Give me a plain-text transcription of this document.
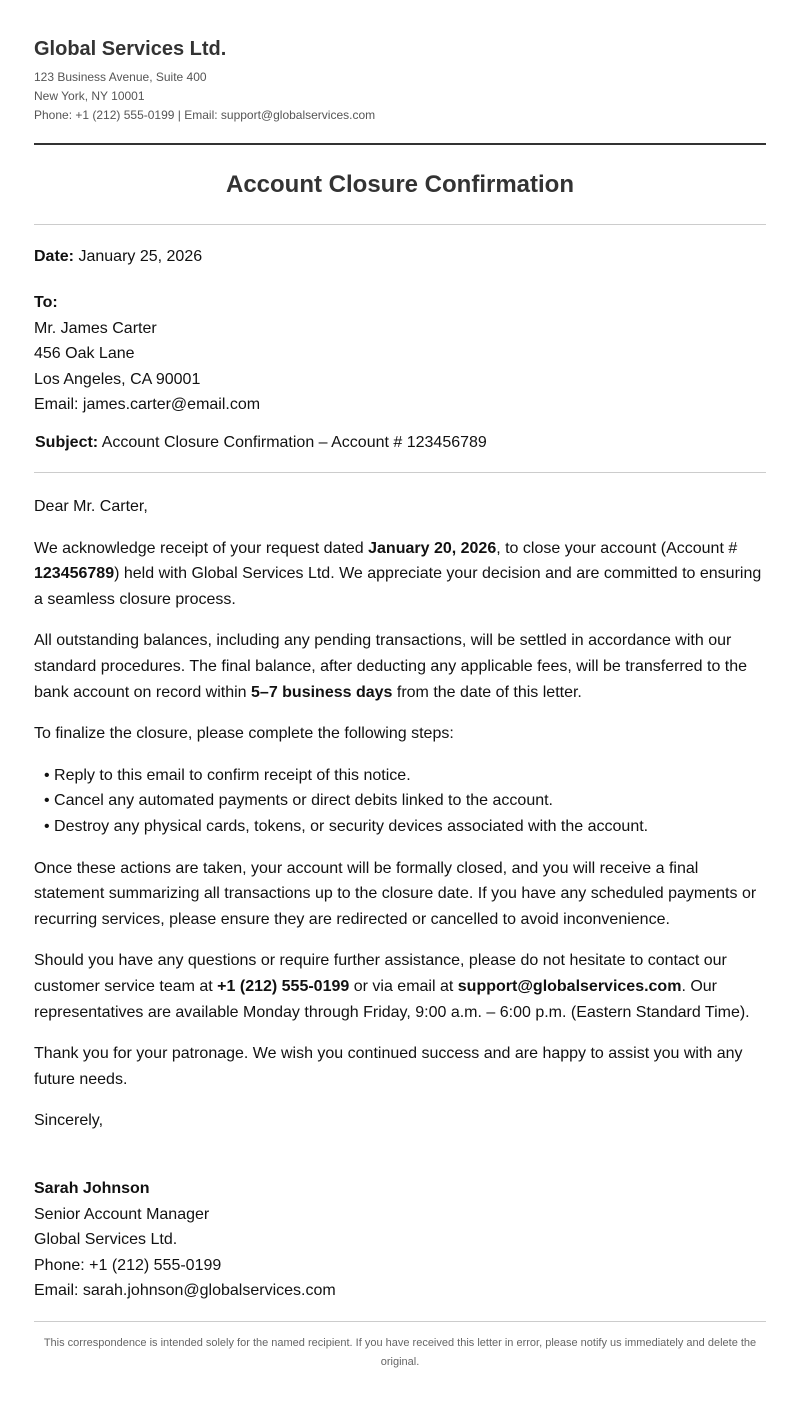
Global Services Ltd.
123 Business Avenue, Suite 400
New York, NY 10001
Phone: +1 (212) 555-0199 | Email: support@globalservices.com
Account Closure Confirmation
Date: January 25, 2026
To:
Mr. James Carter
456 Oak Lane
Los Angeles, CA 90001
Email: james.carter@email.com
Subject: Account Closure Confirmation – Account # 123456789

Dear Mr. Carter,

We acknowledge receipt of your request dated January 20, 2026, to close your account (Account # 123456789) held with Global Services Ltd. We appreciate your decision and are committed to ensuring a seamless closure process.

All outstanding balances, including any pending transactions, will be settled in accordance with our standard procedures. The final balance, after deducting any applicable fees, will be transferred to the bank account on record within 5–7 business days from the date of this letter.

To finalize the closure, please complete the following steps:

• Reply to this email to confirm receipt of this notice.
• Cancel any automated payments or direct debits linked to the account.
• Destroy any physical cards, tokens, or security devices associated with the account.

Once these actions are taken, your account will be formally closed, and you will receive a final statement summarizing all transactions up to the closure date. If you have any scheduled payments or recurring services, please ensure they are redirected or cancelled to avoid inconvenience.

Should you have any questions or require further assistance, please do not hesitate to contact our customer service team at +1 (212) 555-0199 or via email at support@globalservices.com. Our representatives are available Monday through Friday, 9:00 a.m. – 6:00 p.m. (Eastern Standard Time).

Thank you for your patronage. We wish you continued success and are happy to assist you with any future needs.

Sincerely,

Sarah Johnson
Senior Account Manager
Global Services Ltd.
Phone: +1 (212) 555-0199
Email: sarah.johnson@globalservices.com
This correspondence is intended solely for the named recipient. If you have received this letter in error, please notify us immediately and delete the original.
